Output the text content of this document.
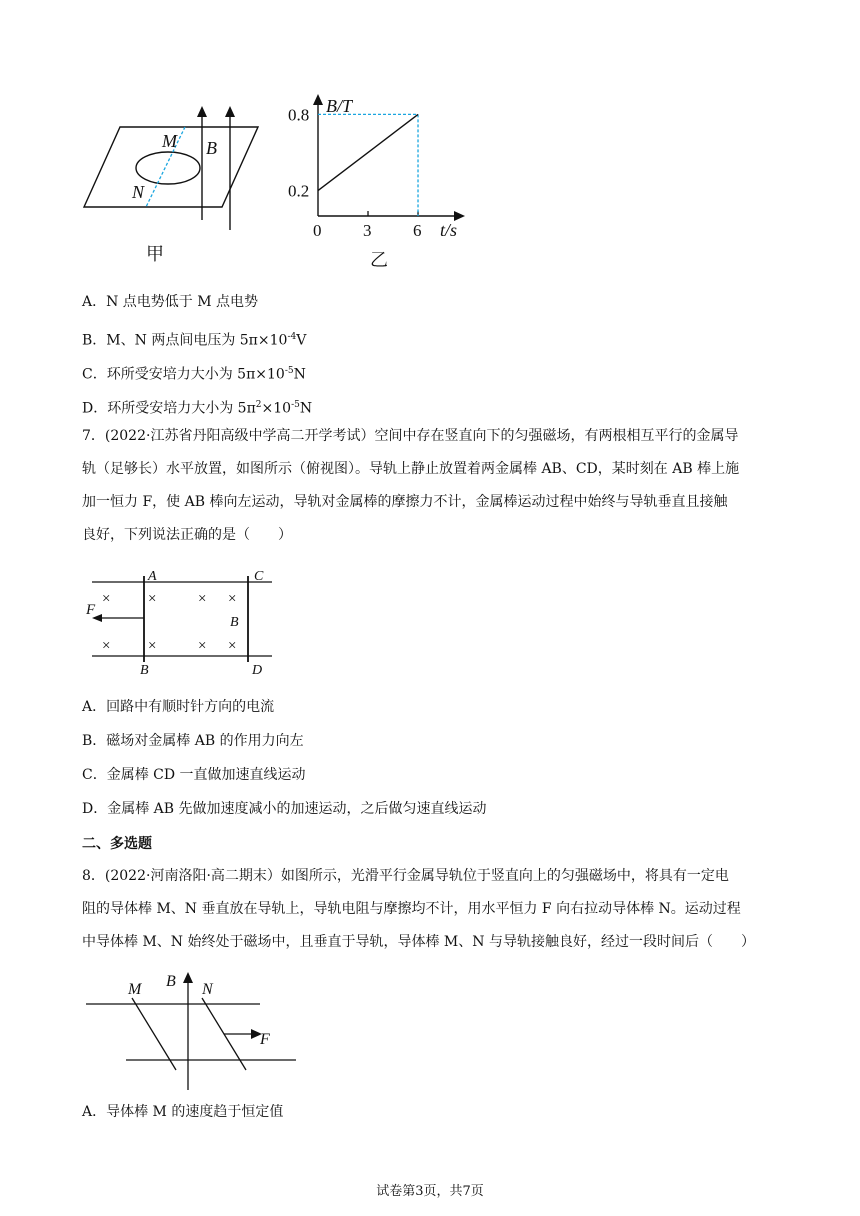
M
N
B
甲
B/T
t/s
0.2
0.8
0 3 6
乙
A．N 点电势低于 M 点电势
B．M、N 两点间电压为 $5\pi\times 10^{-4}V$
C．环所受安培力大小为 $5\pi\times 10^{-5}N$
D．环所受安培力大小为 $5\pi^2\times 10^{-5}N$
7．(2022·江苏省丹阳高级中学高二开学考试）空间中存在竖直向下的匀强磁场，有两根相互平行的金属导
轨（足够长）水平放置，如图所示（俯视图）。导轨上静止放置着两金属棒 AB、CD，某时刻在 AB 棒上施
加一恒力 F，使 AB 棒向左运动，导轨对金属棒的摩擦力不计，金属棒运动过程中始终与导轨垂直且接触
良好，下列说法正确的是（　　）
A	C
B	D
×	×	× ×
×	×	× ×
F
B
A．回路中有顺时针方向的电流
B．磁场对金属棒 AB 的作用力向左
C．金属棒 CD 一直做加速直线运动
D．金属棒 AB 先做加速度减小的加速运动，之后做匀速直线运动
二、多选题
8．(2022·河南洛阳·高二期末）如图所示，光滑平行金属导轨位于竖直向上的匀强磁场中，将具有一定电
阻的导体棒 M、N 垂直放在导轨上，导轨电阻与摩擦均不计，用水平恒力 F 向右拉动导体棒 N。运动过程
中导体棒 M、N 始终处于磁场中，且垂直于导轨，导体棒 M、N 与导轨接触良好，经过一段时间后（　　）
M	N
B
F
A．导体棒 M 的速度趋于恒定值
试卷第3页，共7页
